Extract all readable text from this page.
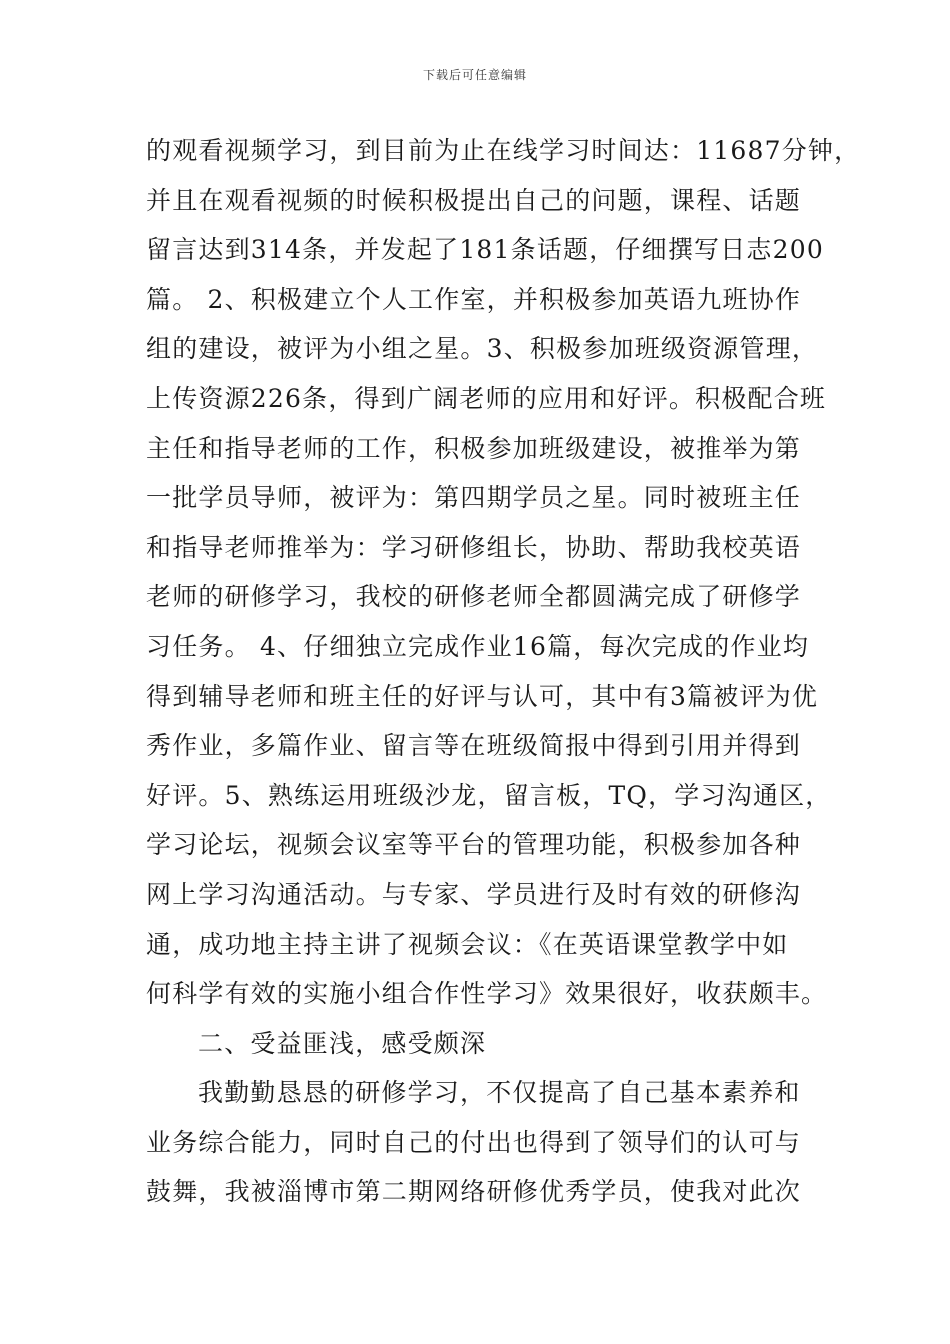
下载后可任意编辑
的观看视频学习，到目前为止在线学习时间达：11687分钟，
并且在观看视频的时候积极提出自己的问题，课程、话题
留言达到314条，并发起了181条话题，仔细撰写日志200
篇。 2、积极建立个人工作室，并积极参加英语九班协作
组的建设，被评为小组之星。3、积极参加班级资源管理，
上传资源226条，得到广阔老师的应用和好评。积极配合班
主任和指导老师的工作，积极参加班级建设，被推举为第
一批学员导师，被评为：第四期学员之星。同时被班主任
和指导老师推举为：学习研修组长，协助、帮助我校英语
老师的研修学习，我校的研修老师全都圆满完成了研修学
习任务。 4、仔细独立完成作业16篇，每次完成的作业均
得到辅导老师和班主任的好评与认可，其中有3篇被评为优
秀作业，多篇作业、留言等在班级简报中得到引用并得到
好评。5、熟练运用班级沙龙，留言板，TQ，学习沟通区，
学习论坛，视频会议室等平台的管理功能，积极参加各种
网上学习沟通活动。与专家、学员进行及时有效的研修沟
通，成功地主持主讲了视频会议：《在英语课堂教学中如
何科学有效的实施小组合作性学习》效果很好，收获颇丰。
二、受益匪浅，感受颇深
我勤勤恳恳的研修学习，不仅提高了自己基本素养和
业务综合能力，同时自己的付出也得到了领导们的认可与
鼓舞，我被淄博市第二期网络研修优秀学员，使我对此次
